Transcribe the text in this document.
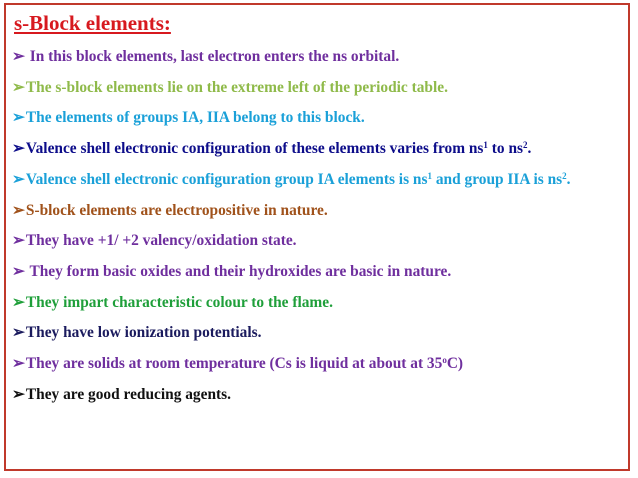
s-Block elements:
➢ In this block elements, last electron enters the ns orbital.
➢The s-block elements lie on the extreme left of the periodic table.
➢The elements of groups IA, IIA belong to this block.
➢Valence shell electronic configuration of these elements varies from $ns^1$ to $ns^2$.
➢Valence shell electronic configuration group IA elements is $ns^1$ and group IIA is $ns^2$.
➢S-block elements are electropositive in nature.
➢They have +1/ +2 valency/oxidation state.
➢ They form basic oxides and their hydroxides are basic in nature.
➢They impart characteristic colour to the flame.
➢They have low ionization potentials.
➢They are solids at room temperature (Cs is liquid at about at 35$^o$C)
➢They are good reducing agents.
